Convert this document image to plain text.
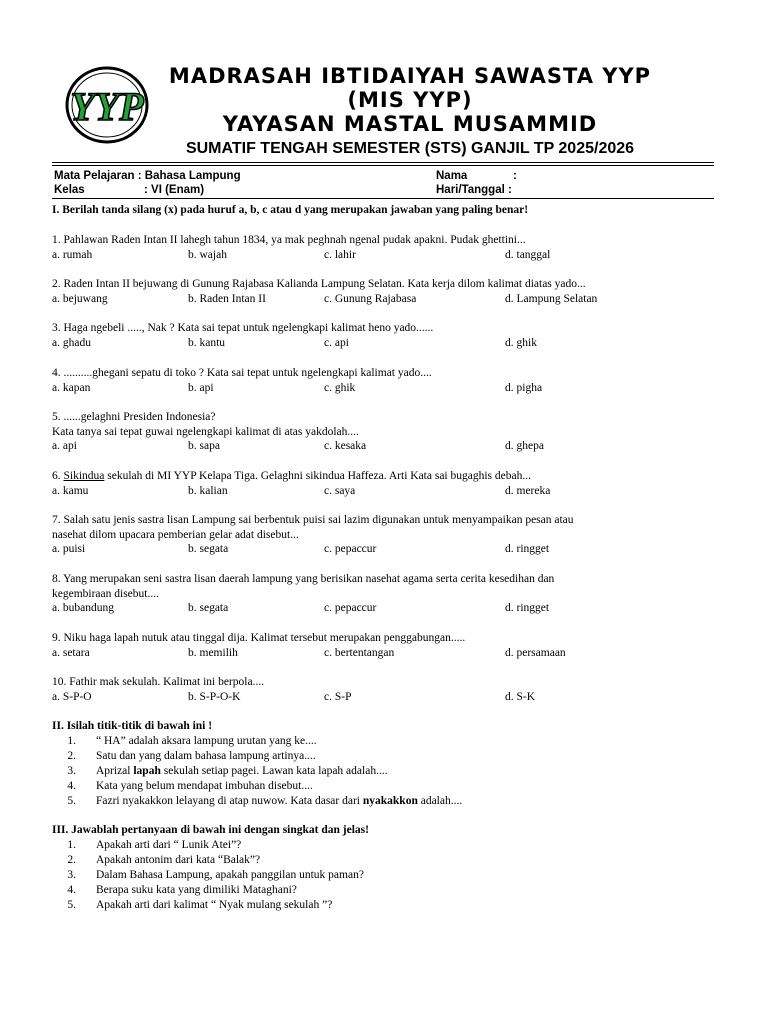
YYP
MADRASAH IBTIDAIYAH SAWASTA YYP
(MIS YYP)
YAYASAN MASTAL MUSAMMID
SUMATIF TENGAH SEMESTER (STS) GANJIL TP 2025/2026
Mata Pelajaran : Bahasa Lampung
Kelas	: VI (Enam)
Nama	:
Hari/Tanggal :
I. Berilah tanda silang (x) pada huruf a, b, c atau d yang merupakan jawaban yang paling benar!
1. Pahlawan Raden Intan II lahegh tahun 1834, ya mak peghnah ngenal pudak apakni. Pudak ghettini...
a. rumah	b. wajah	c. lahir	d. tanggal
2. Raden Intan II bejuwang di Gunung Rajabasa Kalianda Lampung Selatan. Kata kerja dilom kalimat diatas yado...
a. bejuwang	b. Raden Intan II	c. Gunung Rajabasa	d. Lampung Selatan
3. Haga ngebeli ....., Nak ? Kata sai tepat untuk ngelengkapi kalimat heno yado......
a. ghadu	b. kantu	c. api	d. ghik
4. ..........ghegani sepatu di toko ? Kata sai tepat untuk ngelengkapi kalimat yado....
a. kapan	b. api	c. ghik	d. pigha
5. ......gelaghni Presiden Indonesia?
Kata tanya sai tepat guwai ngelengkapi kalimat di atas yakdolah....
a. api	b. sapa	c. kesaka	d. ghepa
6. Sikindua sekulah di MI YYP Kelapa Tiga. Gelaghni sikindua Haffeza. Arti Kata sai bugaghis debah...
a. kamu	b. kalian	c. saya	d. mereka
7. Salah satu jenis sastra lisan Lampung sai berbentuk puisi sai lazim digunakan untuk menyampaikan pesan atau
nasehat dilom upacara pemberian gelar adat disebut...
a. puisi	b. segata	c. pepaccur	d. ringget
8. Yang merupakan seni sastra lisan daerah lampung yang berisikan nasehat agama serta cerita kesedihan dan
kegembiraan disebut....
a. bubandung	b. segata	c. pepaccur	d. ringget
9. Niku haga lapah nutuk atau tinggal dija. Kalimat tersebut merupakan penggabungan.....
a. setara	b. memilih	c. bertentangan	d. persamaan
10. Fathir mak sekulah. Kalimat ini berpola....
a. S-P-O	b. S-P-O-K	c. S-P	d. S-K
II. Isilah titik-titik di bawah ini !
1. “ HA” adalah aksara lampung urutan yang ke....
2. Satu dan yang dalam bahasa lampung artinya....
3. Aprizal lapah sekulah setiap pagei. Lawan kata lapah adalah....
4. Kata yang belum mendapat imbuhan disebut....
5. Fazri nyakakkon lelayang di atap nuwow. Kata dasar dari nyakakkon adalah....
III. Jawablah pertanyaan di bawah ini dengan singkat dan jelas!
1. Apakah arti dari “ Lunik Atei”?
2. Apakah antonim dari kata “Balak”?
3. Dalam Bahasa Lampung, apakah panggilan untuk paman?
4. Berapa suku kata yang dimiliki Mataghani?
5. Apakah arti dari kalimat “ Nyak mulang sekulah ”?
